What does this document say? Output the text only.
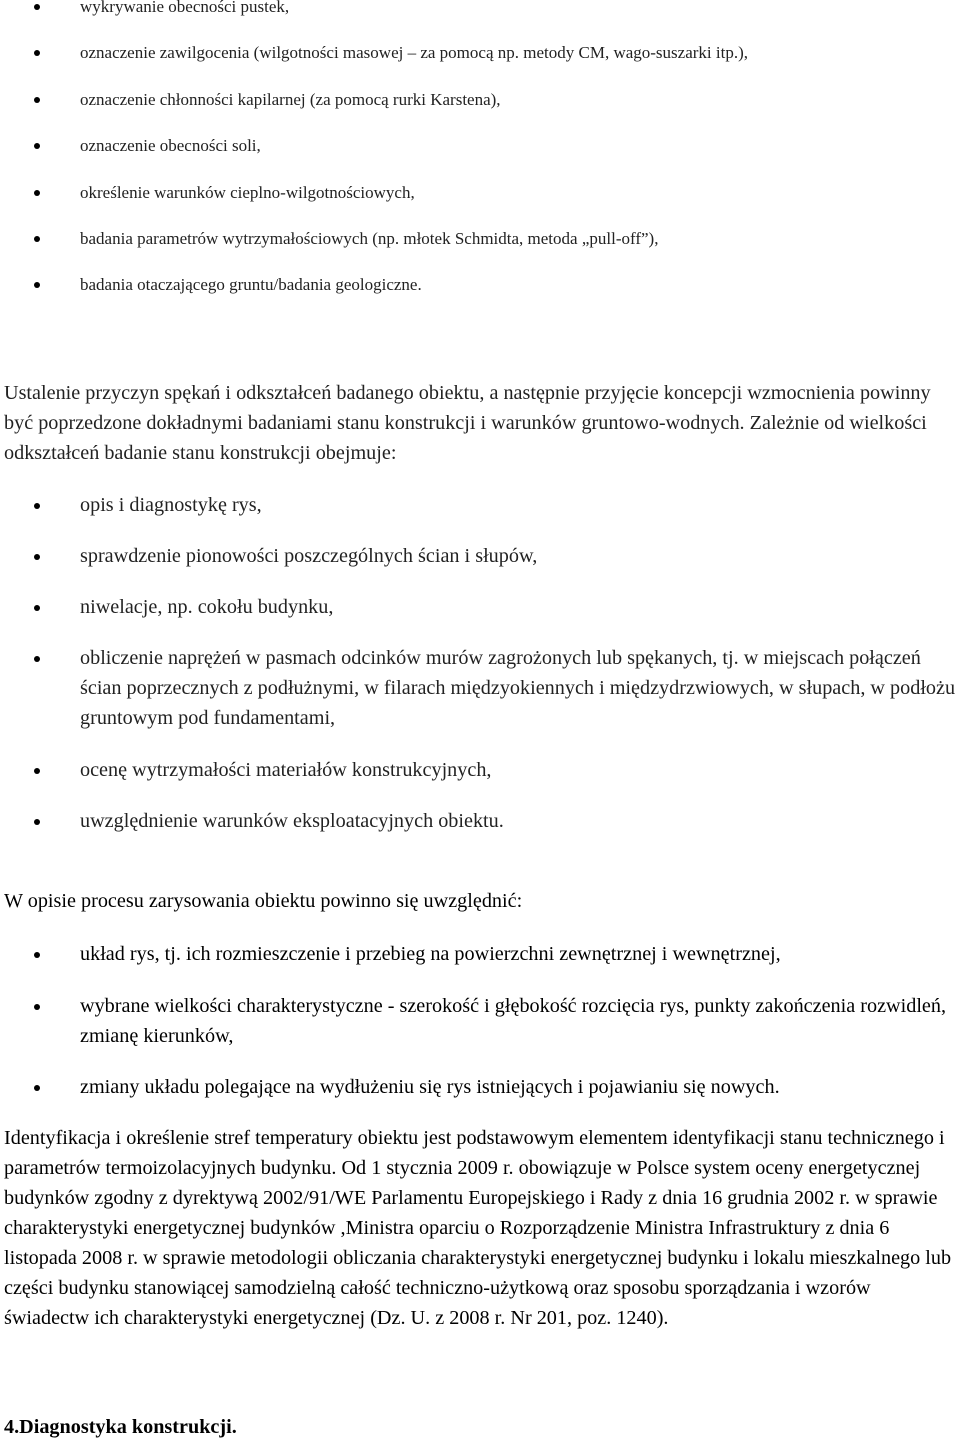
wykrywanie obecności pustek,
oznaczenie zawilgocenia (wilgotności masowej – za pomocą np. metody CM, wago-suszarki itp.),
oznaczenie chłonności kapilarnej (za pomocą rurki Karstena),
oznaczenie obecności soli,
określenie warunków cieplno-wilgotnościowych,
badania parametrów wytrzymałościowych (np. młotek Schmidta, metoda „pull-off”),
badania otaczającego gruntu/badania geologiczne.

Ustalenie przyczyn spękań i odkształceń badanego obiektu, a następnie przyjęcie koncepcji wzmocnienia powinny być poprzedzone dokładnymi badaniami stanu konstrukcji i warunków gruntowo-wodnych. Zależnie od wielkości odkształceń badanie stanu konstrukcji obejmuje:

opis i diagnostykę rys,
sprawdzenie pionowości poszczególnych ścian i słupów,
niwelacje, np. cokołu budynku,
obliczenie naprężeń w pasmach odcinków murów zagrożonych lub spękanych, tj. w miejscach połączeń ścian poprzecznych z podłużnymi, w filarach międzyokiennych i międzydrzwiowych, w słupach, w podłożu gruntowym pod fundamentami,
ocenę wytrzymałości materiałów konstrukcyjnych,
uwzględnienie warunków eksploatacyjnych obiektu.

W opisie procesu zarysowania obiektu powinno się uwzględnić:

układ rys, tj. ich rozmieszczenie i przebieg na powierzchni zewnętrznej i wewnętrznej,
wybrane wielkości charakterystyczne - szerokość i głębokość rozcięcia rys, punkty zakończenia rozwidleń, zmianę kierunków,
zmiany układu polegające na wydłużeniu się rys istniejących i pojawianiu się nowych.

Identyfikacja i określenie stref temperatury obiektu jest podstawowym elementem identyfikacji stanu technicznego i parametrów termoizolacyjnych budynku. Od 1 stycznia 2009 r. obowiązuje w Polsce system oceny energetycznej budynków zgodny z dyrektywą 2002/91/WE Parlamentu Europejskiego i Rady z dnia 16 grudnia 2002 r. w sprawie charakterystyki energetycznej budynków ,Ministra oparciu o Rozporządzenie Ministra Infrastruktury z dnia 6 listopada 2008 r. w sprawie metodologii obliczania charakterystyki energetycznej budynku i lokalu mieszkalnego lub części budynku stanowiącej samodzielną całość techniczno-użytkową oraz sposobu sporządzania i wzorów świadectw ich charakterystyki energetycznej (Dz. U. z 2008 r. Nr 201, poz. 1240).

4.Diagnostyka konstrukcji.
